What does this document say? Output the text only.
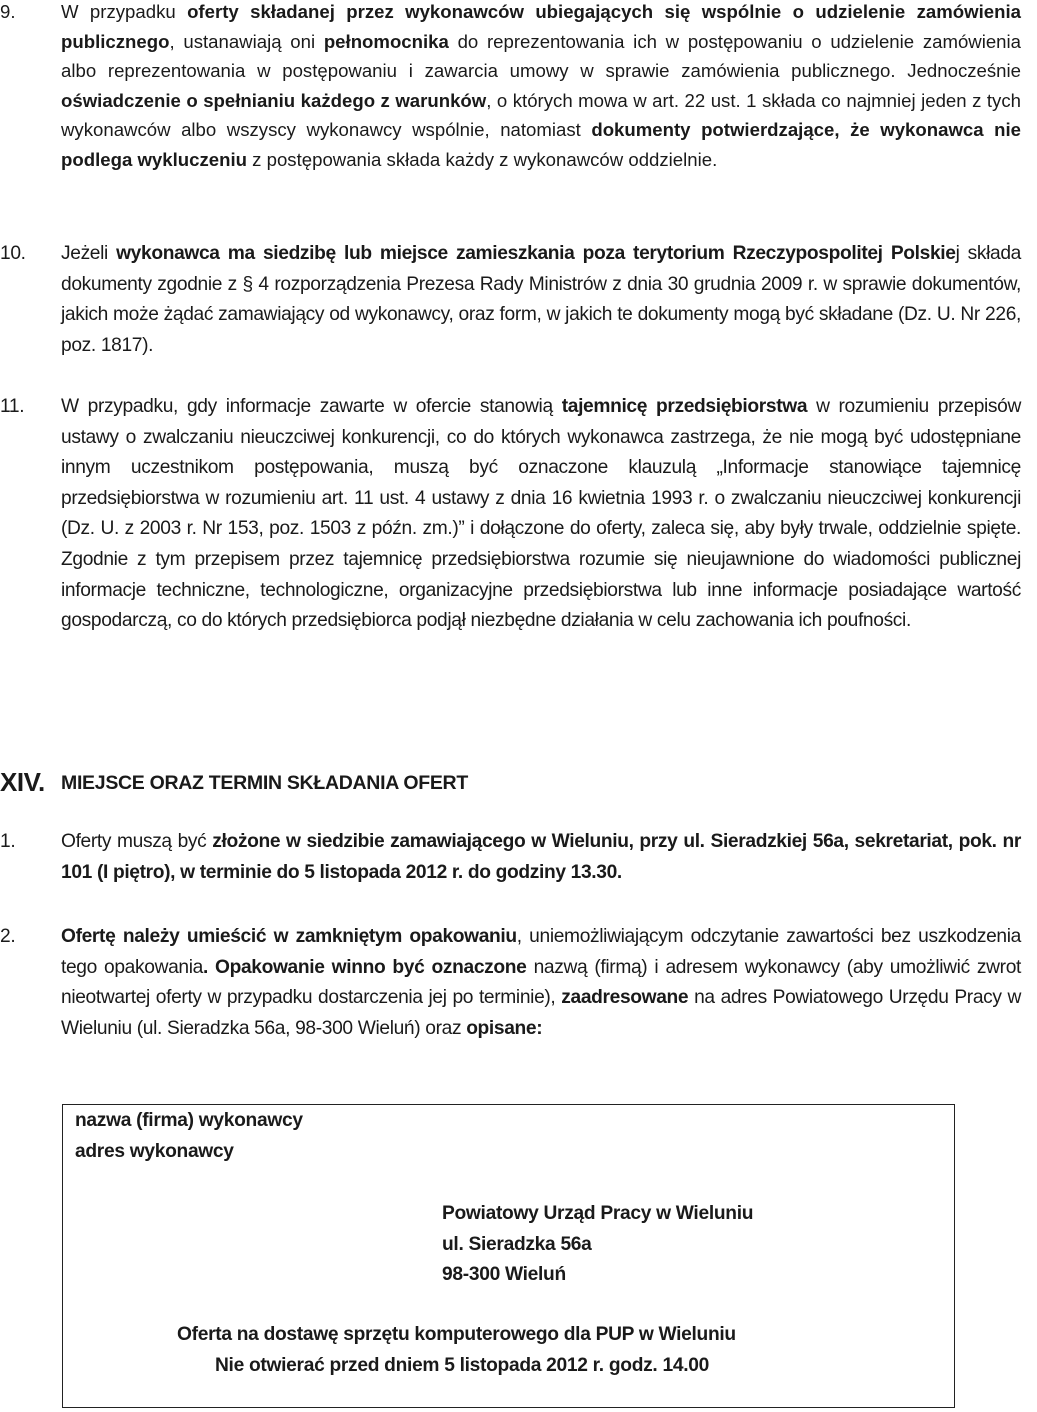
9. W przypadku oferty składanej przez wykonawców ubiegających się wspólnie o udzielenie zamówienia publicznego, ustanawiają oni pełnomocnika do reprezentowania ich w postępowaniu o udzielenie zamówienia albo reprezentowania w postępowaniu i zawarcia umowy w sprawie zamówienia publicznego. Jednocześnie oświadczenie o spełnianiu każdego z warunków, o których mowa w art. 22 ust. 1 składa co najmniej jeden z tych wykonawców albo wszyscy wykonawcy wspólnie, natomiast dokumenty potwierdzające, że wykonawca nie podlega wykluczeniu z postępowania składa każdy z wykonawców oddzielnie.

10. Jeżeli wykonawca ma siedzibę lub miejsce zamieszkania poza terytorium Rzeczypospolitej Polskiej składa dokumenty zgodnie z § 4 rozporządzenia Prezesa Rady Ministrów z dnia 30 grudnia 2009 r. w sprawie dokumentów, jakich może żądać zamawiający od wykonawcy, oraz form, w jakich te dokumenty mogą być składane (Dz. U. Nr 226, poz. 1817).

11. W przypadku, gdy informacje zawarte w ofercie stanowią tajemnicę przedsiębiorstwa w rozumieniu przepisów ustawy o zwalczaniu nieuczciwej konkurencji, co do których wykonawca zastrzega, że nie mogą być udostępniane innym uczestnikom postępowania, muszą być oznaczone klauzulą „Informacje stanowiące tajemnicę przedsiębiorstwa w rozumieniu art. 11 ust. 4 ustawy z dnia 16 kwietnia 1993 r. o zwalczaniu nieuczciwej konkurencji (Dz. U. z 2003 r. Nr 153, poz. 1503 z późn. zm.)” i dołączone do oferty, zaleca się, aby były trwale, oddzielnie spięte. Zgodnie z tym przepisem przez tajemnicę przedsiębiorstwa rozumie się nieujawnione do wiadomości publicznej informacje techniczne, technologiczne, organizacyjne przedsiębiorstwa lub inne informacje posiadające wartość gospodarczą, co do których przedsiębiorca podjął niezbędne działania w celu zachowania ich poufności.

XIV. MIEJSCE ORAZ TERMIN SKŁADANIA OFERT
1. Oferty muszą być złożone w siedzibie zamawiającego w Wieluniu, przy ul. Sieradzkiej 56a, sekretariat, pok. nr 101 (I piętro), w terminie do 5 listopada 2012 r. do godziny 13.30.

2. Ofertę należy umieścić w zamkniętym opakowaniu, uniemożliwiającym odczytanie zawartości bez uszkodzenia tego opakowania. Opakowanie winno być oznaczone nazwą (firmą) i adresem wykonawcy (aby umożliwić zwrot nieotwartej oferty w przypadku dostarczenia jej po terminie), zaadresowane na adres Powiatowego Urzędu Pracy w Wieluniu (ul. Sieradzka 56a, 98-300 Wieluń) oraz opisane:

nazwa (firma) wykonawcy
adres wykonawcy
Powiatowy Urząd Pracy w Wieluniu
ul. Sieradzka 56a
98-300 Wieluń
Oferta na dostawę sprzętu komputerowego dla PUP w Wieluniu
Nie otwierać przed dniem 5 listopada 2012 r. godz. 14.00
